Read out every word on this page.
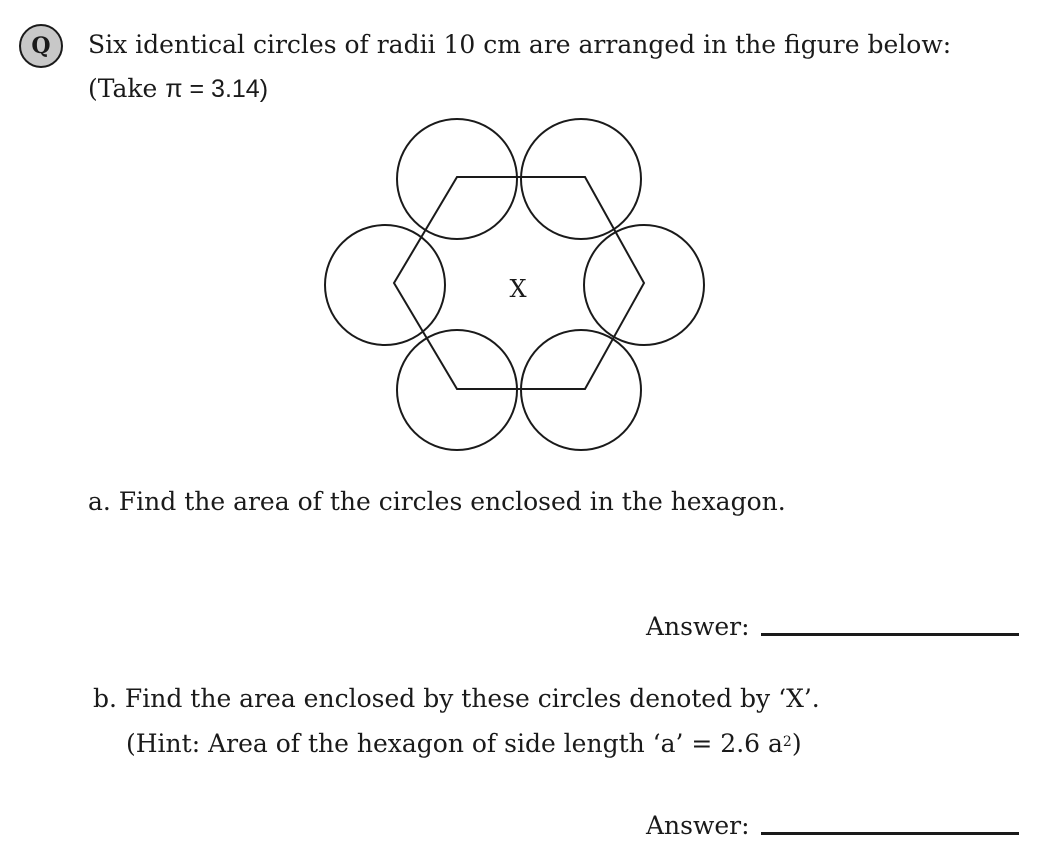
Q	Six identical circles of radii 10 cm are arranged in the figure below:
(Take π = 3.14)
X
a. Find the area of the circles enclosed in the hexagon.
Answer:
b. Find the area enclosed by these circles denoted by ‘X’.
(Hint: Area of the hexagon of side length ‘a’ = 2.6 $a^2$)
Answer:
